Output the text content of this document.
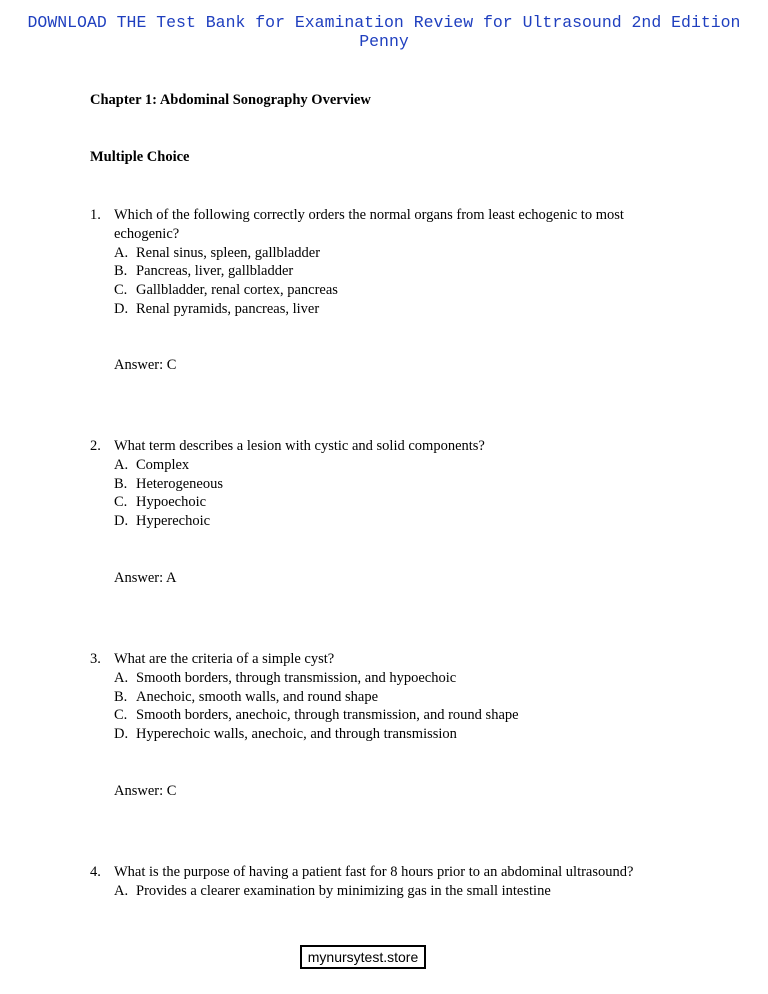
DOWNLOAD THE Test Bank for Examination Review for Ultrasound 2nd Edition Penny
Chapter 1: Abdominal Sonography Overview
Multiple Choice
1. Which of the following correctly orders the normal organs from least echogenic to most echogenic?
A. Renal sinus, spleen, gallbladder
B. Pancreas, liver, gallbladder
C. Gallbladder, renal cortex, pancreas
D. Renal pyramids, pancreas, liver
Answer: C
2. What term describes a lesion with cystic and solid components?
A. Complex
B. Heterogeneous
C. Hypoechoic
D. Hyperechoic
Answer: A
3. What are the criteria of a simple cyst?
A. Smooth borders, through transmission, and hypoechoic
B. Anechoic, smooth walls, and round shape
C. Smooth borders, anechoic, through transmission, and round shape
D. Hyperechoic walls, anechoic, and through transmission
Answer: C
4. What is the purpose of having a patient fast for 8 hours prior to an abdominal ultrasound?
A. Provides a clearer examination by minimizing gas in the small intestine
mynursytest.store
